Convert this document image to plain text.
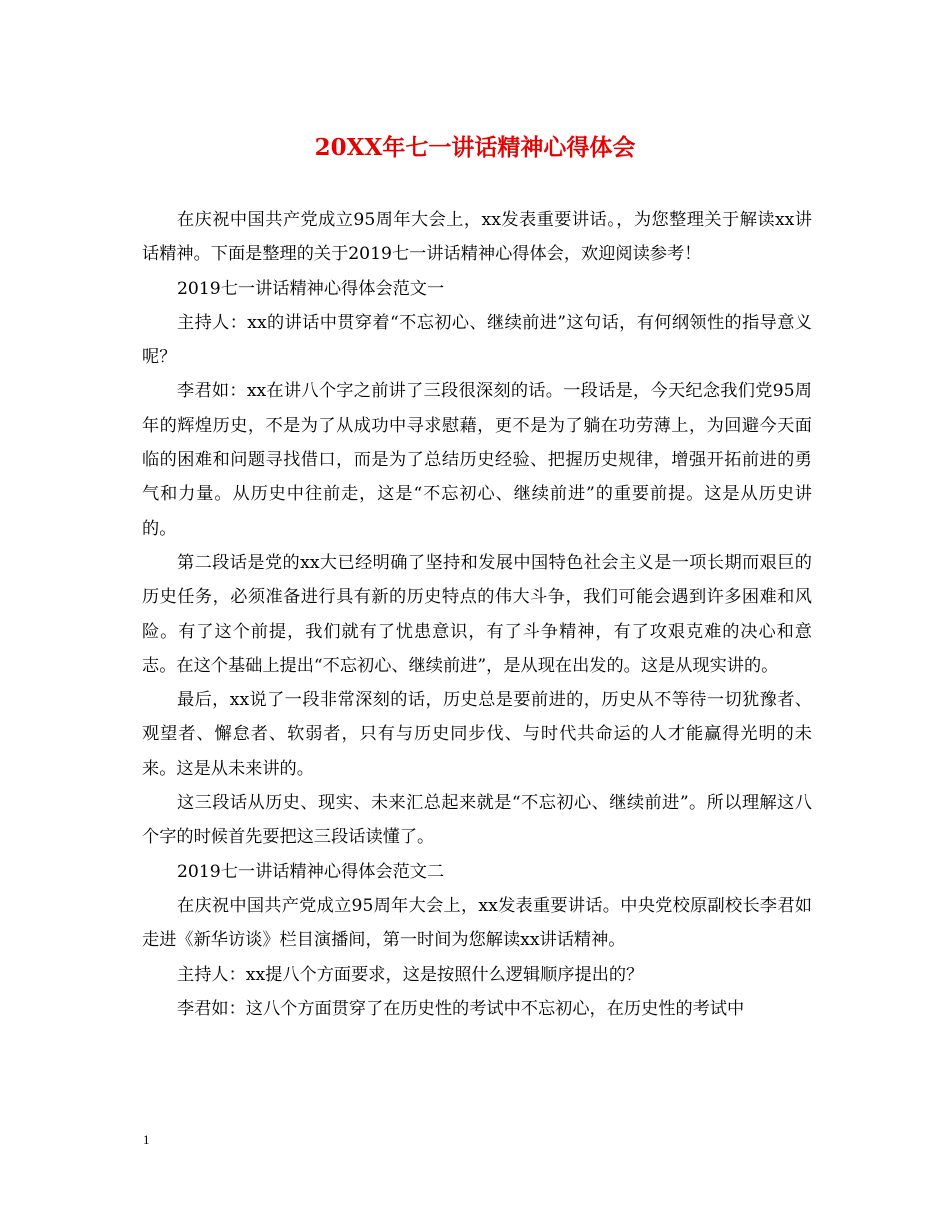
20XX年七一讲话精神心得体会

在庆祝中国共产党成立95周年大会上，xx发表重要讲话。，为您整理关于解读xx讲话精神。下面是整理的关于2019七一讲话精神心得体会，欢迎阅读参考！

2019七一讲话精神心得体会范文一

主持人：xx的讲话中贯穿着“不忘初心、继续前进”这句话，有何纲领性的指导意义呢？

李君如：xx在讲八个字之前讲了三段很深刻的话。一段话是，今天纪念我们党95周年的辉煌历史，不是为了从成功中寻求慰藉，更不是为了躺在功劳薄上，为回避今天面临的困难和问题寻找借口，而是为了总结历史经验、把握历史规律，增强开拓前进的勇气和力量。从历史中往前走，这是“不忘初心、继续前进”的重要前提。这是从历史讲的。

第二段话是党的xx大已经明确了坚持和发展中国特色社会主义是一项长期而艰巨的历史任务，必须准备进行具有新的历史特点的伟大斗争，我们可能会遇到许多困难和风险。有了这个前提，我们就有了忧患意识，有了斗争精神，有了攻艰克难的决心和意志。在这个基础上提出“不忘初心、继续前进”，是从现在出发的。这是从现实讲的。

最后，xx说了一段非常深刻的话，历史总是要前进的，历史从不等待一切犹豫者、观望者、懈怠者、软弱者，只有与历史同步伐、与时代共命运的人才能赢得光明的未来。这是从未来讲的。

这三段话从历史、现实、未来汇总起来就是“不忘初心、继续前进”。所以理解这八个字的时候首先要把这三段话读懂了。

2019七一讲话精神心得体会范文二

在庆祝中国共产党成立95周年大会上，xx发表重要讲话。中央党校原副校长李君如走进《新华访谈》栏目演播间，第一时间为您解读xx讲话精神。

主持人：xx提八个方面要求，这是按照什么逻辑顺序提出的？

李君如：这八个方面贯穿了在历史性的考试中不忘初心，在历史性的考试中

1
